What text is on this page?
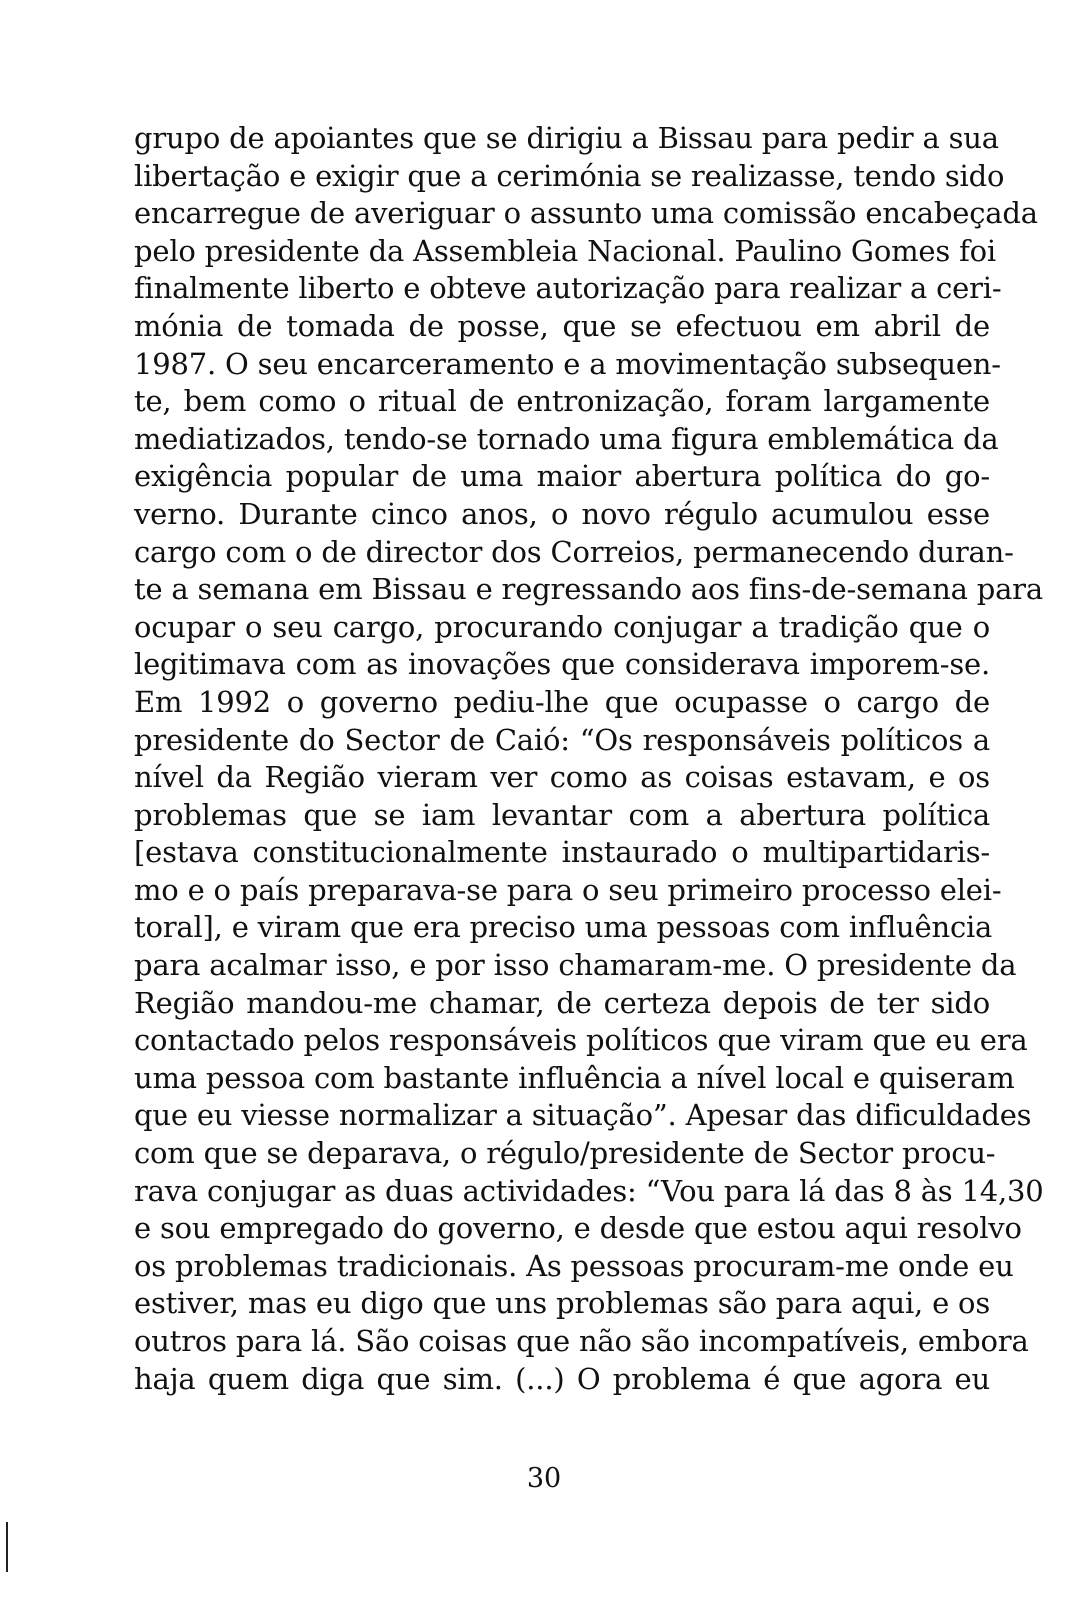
grupo de apoiantes que se dirigiu a Bissau para pedir a sua
libertação e exigir que a cerimónia se realizasse, tendo sido
encarregue de averiguar o assunto uma comissão encabeçada
pelo presidente da Assembleia Nacional. Paulino Gomes foi
finalmente liberto e obteve autorização para realizar a ceri-
mónia de tomada de posse, que se efectuou em abril de
1987. O seu encarceramento e a movimentação subsequen-
te, bem como o ritual de entronização, foram largamente
mediatizados, tendo-se tornado uma figura emblemática da
exigência popular de uma maior abertura política do go-
verno. Durante cinco anos, o novo régulo acumulou esse
cargo com o de director dos Correios, permanecendo duran-
te a semana em Bissau e regressando aos fins-de-semana para
ocupar o seu cargo, procurando conjugar a tradição que o
legitimava com as inovações que considerava imporem-se.
Em 1992 o governo pediu-lhe que ocupasse o cargo de
presidente do Sector de Caió: “Os responsáveis políticos a
nível da Região vieram ver como as coisas estavam, e os
problemas que se iam levantar com a abertura política
[estava constitucionalmente instaurado o multipartidaris-
mo e o país preparava-se para o seu primeiro processo elei-
toral], e viram que era preciso uma pessoas com influência
para acalmar isso, e por isso chamaram-me. O presidente da
Região mandou-me chamar, de certeza depois de ter sido
contactado pelos responsáveis políticos que viram que eu era
uma pessoa com bastante influência a nível local e quiseram
que eu viesse normalizar a situação”. Apesar das dificuldades
com que se deparava, o régulo/presidente de Sector procu-
rava conjugar as duas actividades: “Vou para lá das 8 às 14,30
e sou empregado do governo, e desde que estou aqui resolvo
os problemas tradicionais. As pessoas procuram-me onde eu
estiver, mas eu digo que uns problemas são para aqui, e os
outros para lá. São coisas que não são incompatíveis, embora
haja quem diga que sim. (...) O problema é que agora eu
30
